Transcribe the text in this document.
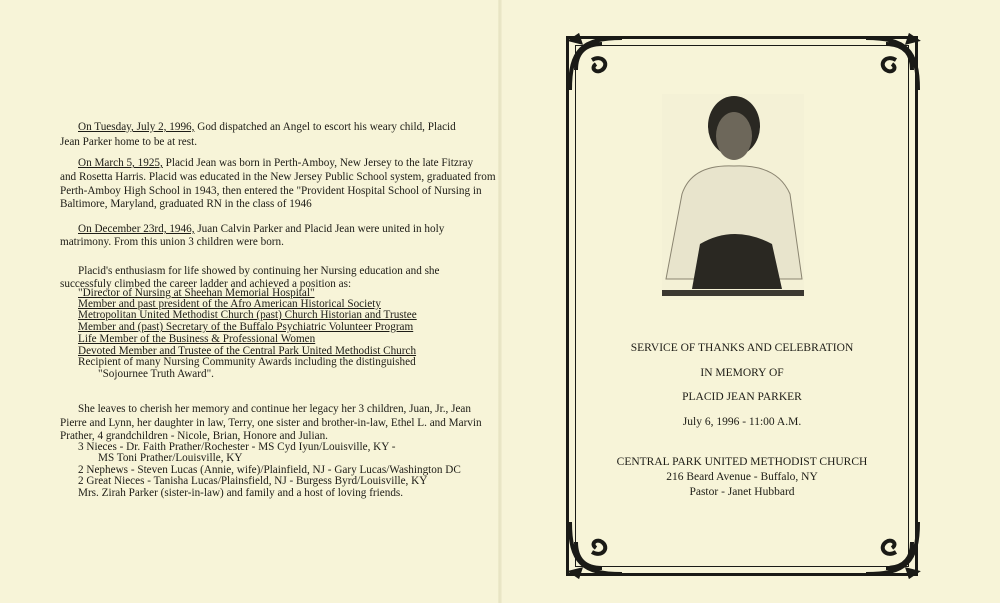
On Tuesday, July 2, 1996, God dispatched an Angel to escort his weary child, Placid
Jean Parker home to be at rest.
On March 5, 1925, Placid Jean was born in Perth-Amboy, New Jersey to the late Fitzray
and Rosetta Harris. Placid was educated in the New Jersey Public School system, graduated from
Perth-Amboy High School in 1943, then entered the "Provident Hospital School of Nursing in
Baltimore, Maryland, graduated RN in the class of 1946
On December 23rd, 1946, Juan Calvin Parker and Placid Jean were united in holy
matrimony. From this union 3 children were born.
Placid's enthusiasm for life showed by continuing her Nursing education and she
successfuly climbed the career ladder and achieved a position as:
"Director of Nursing at Sheehan Memorial Hospital"
Member and past president of the Afro American Historical Society
Metropolitan United Methodist Church (past) Church Historian and Trustee
Member and (past) Secretary of the Buffalo Psychiatric Volunteer Program
Life Member of the Business & Professional Women
Devoted Member and Trustee of the Central Park United Methodist Church
Recipient of many Nursing Community Awards including the distinguished
"Sojournee Truth Award".
She leaves to cherish her memory and continue her legacy her 3 children, Juan, Jr., Jean
Pierre and Lynn, her daughter in law, Terry, one sister and brother-in-law, Ethel L. and Marvin
Prather, 4 grandchildren - Nicole, Brian, Honore and Julian.
3 Nieces - Dr. Faith Prather/Rochester - MS Cyd Iyun/Louisville, KY -
MS Toni Prather/Louisville, KY
2 Nephews - Steven Lucas (Annie, wife)/Plainfield, NJ - Gary Lucas/Washington DC
2 Great Nieces - Tanisha Lucas/Plainsfield, NJ - Burgess Byrd/Louisville, KY
Mrs. Zirah Parker (sister-in-law) and family and a host of loving friends.
SERVICE OF THANKS AND CELEBRATION
IN MEMORY OF
PLACID JEAN PARKER
July 6, 1996 - 11:00 A.M.
CENTRAL PARK UNITED METHODIST CHURCH
216 Beard Avenue - Buffalo, NY
Pastor - Janet Hubbard
